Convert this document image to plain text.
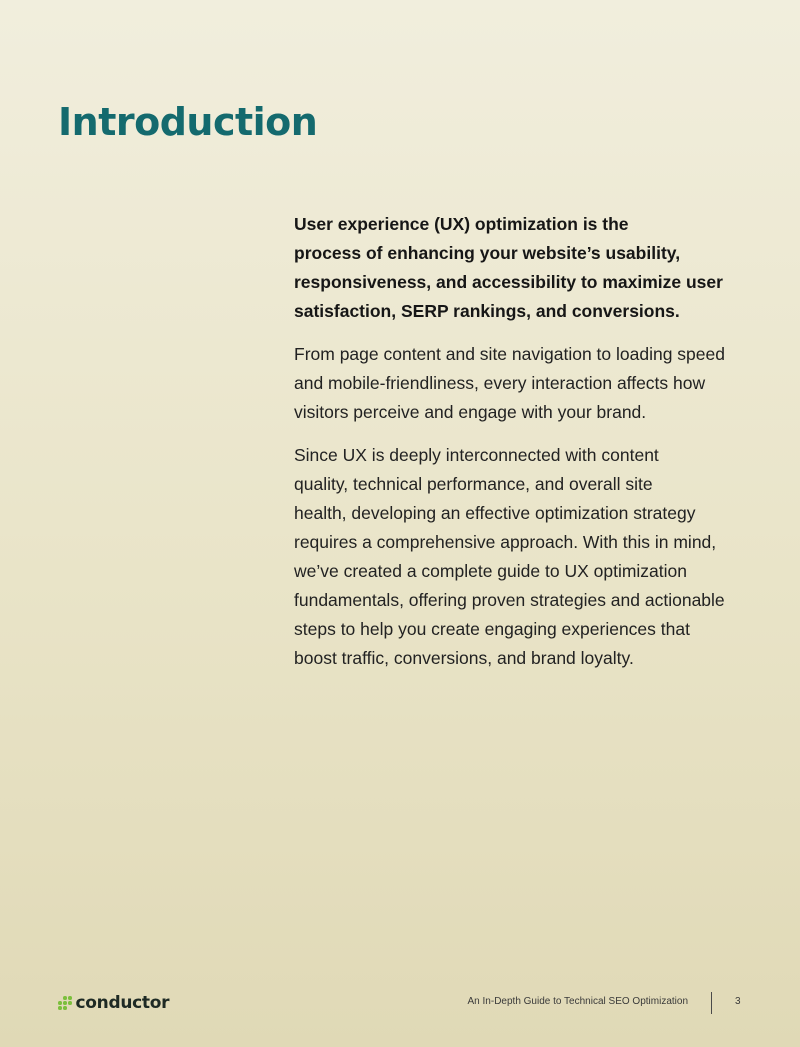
Introduction

User experience (UX) optimization is the
process of enhancing your website’s usability,
responsiveness, and accessibility to maximize user
satisfaction, SERP rankings, and conversions.

From page content and site navigation to loading speed
and mobile-friendliness, every interaction affects how
visitors perceive and engage with your brand.

Since UX is deeply interconnected with content
quality, technical performance, and overall site
health, developing an effective optimization strategy
requires a comprehensive approach. With this in mind,
we’ve created a complete guide to UX optimization
fundamentals, offering proven strategies and actionable
steps to help you create engaging experiences that
boost traffic, conversions, and brand loyalty.

conductor	An In-Depth Guide to Technical SEO Optimization	3
